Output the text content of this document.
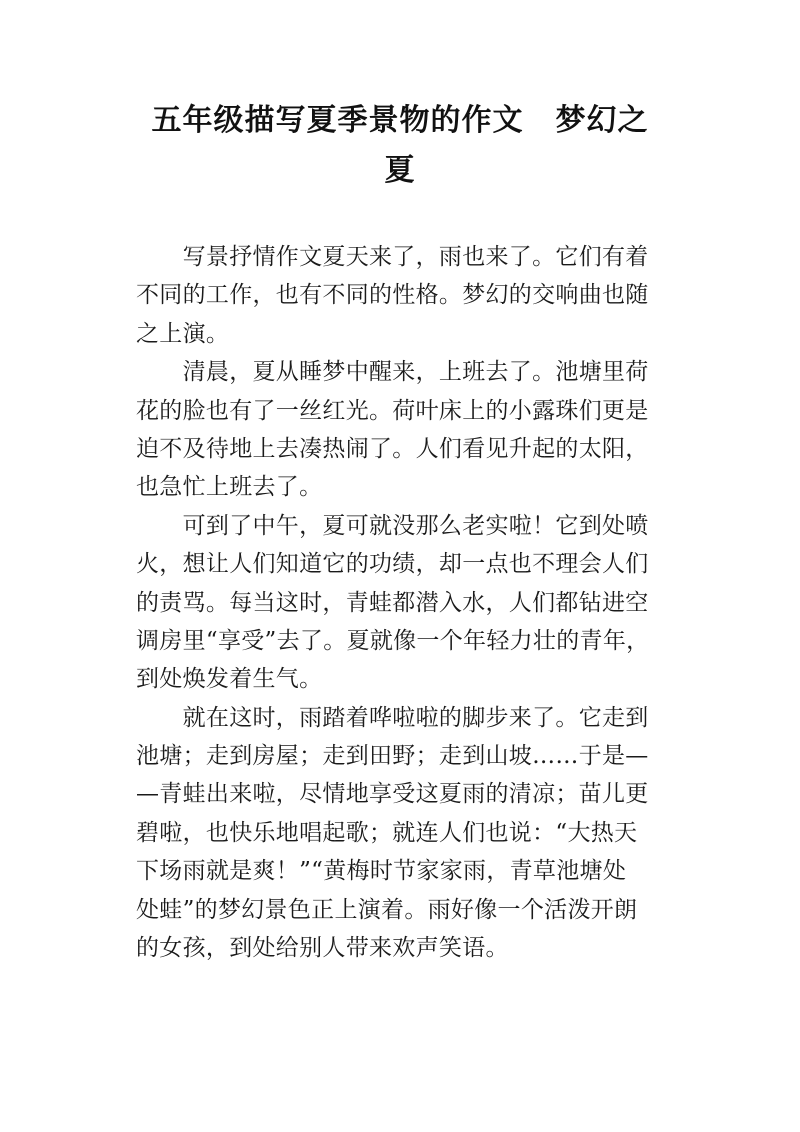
五年级描写夏季景物的作文 梦幻之
夏
　　写景抒情作文夏天来了，雨也来了。它们有着
不同的工作，也有不同的性格。梦幻的交响曲也随
之上演。
　　清晨，夏从睡梦中醒来，上班去了。池塘里荷
花的脸也有了一丝红光。荷叶床上的小露珠们更是
迫不及待地上去凑热闹了。人们看见升起的太阳，
也急忙上班去了。
　　可到了中午，夏可就没那么老实啦！它到处喷
火，想让人们知道它的功绩，却一点也不理会人们
的责骂。每当这时，青蛙都潜入水，人们都钻进空
调房里“享受”去了。夏就像一个年轻力壮的青年，
到处焕发着生气。
　　就在这时，雨踏着哗啦啦的脚步来了。它走到
池塘；走到房屋；走到田野；走到山坡……于是—
—青蛙出来啦，尽情地享受这夏雨的清凉；苗儿更
碧啦，也快乐地唱起歌；就连人们也说：“大热天
下场雨就是爽！”“黄梅时节家家雨，青草池塘处
处蛙”的梦幻景色正上演着。雨好像一个活泼开朗
的女孩，到处给别人带来欢声笑语。
